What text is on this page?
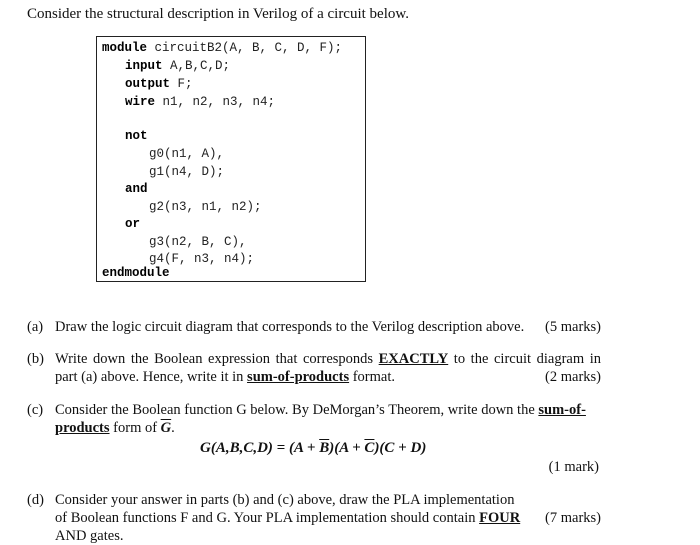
Consider the structural description in Verilog of a circuit below.
module circuitB2(A, B, C, D, F);
input A,B,C,D;
output F;
wire n1, n2, n3, n4;
not
g0(n1, A),
g1(n4, D);
and
g2(n3, n1, n2);
or
g3(n2, B, C),
g4(F, n3, n4);
endmodule
(a) Draw the logic circuit diagram that corresponds to the Verilog description above.	(5 marks)
(b) Write down the Boolean expression that corresponds EXACTLY to the circuit diagram in part (a) above. Hence, write it in sum-of-products format.	(2 marks)
(c) Consider the Boolean function G below. By DeMorgan’s Theorem, write down the sum-of-products form of $\overline{G}$.
$G(A,B,C,D) = (A + \overline{B})(A + \overline{C})(C + D)$
(1 mark)
(d) Consider your answer in parts (b) and (c) above, draw the PLA implementation of Boolean functions F and G. Your PLA implementation should contain FOUR AND gates.
(7 marks)
